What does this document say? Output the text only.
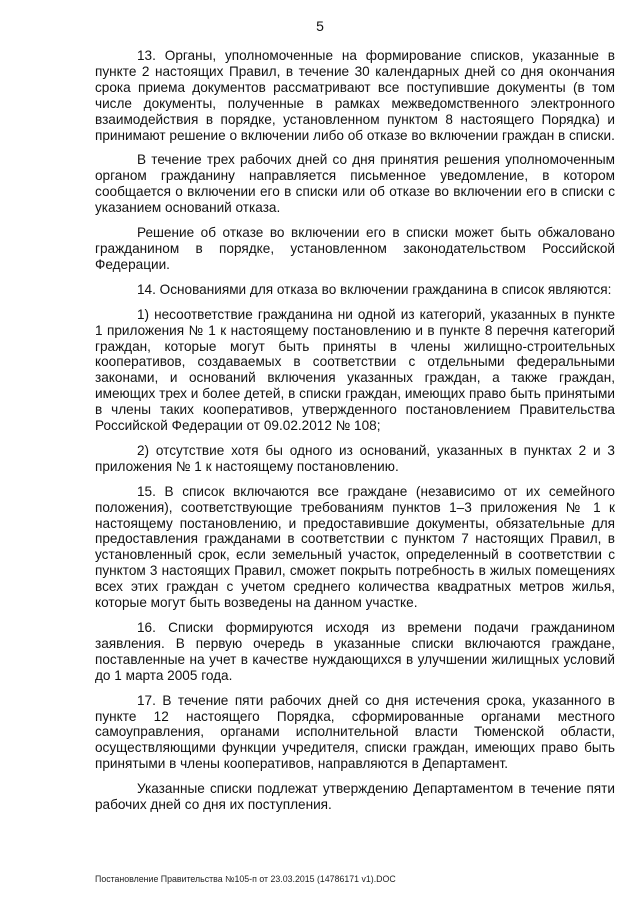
5

13. Органы, уполномоченные на формирование списков, указанные в пункте 2 настоящих Правил, в течение 30 календарных дней со дня окончания срока приема документов рассматривают все поступившие документы (в том числе документы, полученные в рамках межведомственного электронного взаимодействия в порядке, установленном пунктом 8 настоящего Порядка) и принимают решение о включении либо об отказе во включении граждан в списки.

В течение трех рабочих дней со дня принятия решения уполномоченным органом гражданину направляется письменное уведомление, в котором сообщается о включении его в списки или об отказе во включении его в списки с указанием оснований отказа.

Решение об отказе во включении его в списки может быть обжаловано гражданином в порядке, установленном законодательством Российской Федерации.

14. Основаниями для отказа во включении гражданина в список являются:

1) несоответствие гражданина ни одной из категорий, указанных в пункте 1 приложения № 1 к настоящему постановлению и в пункте 8 перечня категорий граждан, которые могут быть приняты в члены жилищно-строительных кооперативов, создаваемых в соответствии с отдельными федеральными законами, и оснований включения указанных граждан, а также граждан, имеющих трех и более детей, в списки граждан, имеющих право быть принятыми в члены таких кооперативов, утвержденного постановлением Правительства Российской Федерации от 09.02.2012 № 108;

2) отсутствие хотя бы одного из оснований, указанных в пунктах 2 и 3 приложения № 1 к настоящему постановлению.

15. В список включаются все граждане (независимо от их семейного положения), соответствующие требованиям пунктов 1–3 приложения № 1 к настоящему постановлению, и предоставившие документы, обязательные для предоставления гражданами в соответствии с пунктом 7 настоящих Правил, в установленный срок, если земельный участок, определенный в соответствии с пунктом 3 настоящих Правил, сможет покрыть потребность в жилых помещениях всех этих граждан с учетом среднего количества квадратных метров жилья, которые могут быть возведены на данном участке.

16. Списки формируются исходя из времени подачи гражданином заявления. В первую очередь в указанные списки включаются граждане, поставленные на учет в качестве нуждающихся в улучшении жилищных условий до 1 марта 2005 года.

17. В течение пяти рабочих дней со дня истечения срока, указанного в пункте 12 настоящего Порядка, сформированные органами местного самоуправления, органами исполнительной власти Тюменской области, осуществляющими функции учредителя, списки граждан, имеющих право быть принятыми в члены кооперативов, направляются в Департамент.

Указанные списки подлежат утверждению Департаментом в течение пяти рабочих дней со дня их поступления.

Постановление Правительства №105-п от 23.03.2015 (14786171 v1).DOC
